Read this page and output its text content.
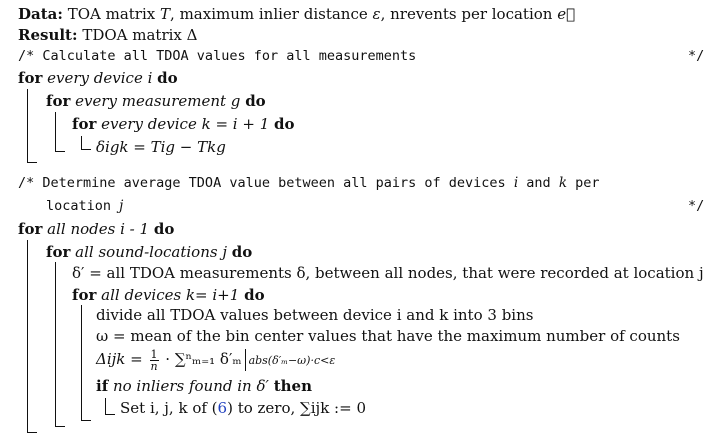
Data: TOA matrix T, maximum inlier distance ε, nrevents per location e⃗
Result: TDOA matrix Δ
/* Calculate all TDOA values for all measurements	*/
for every device i do
for every measurement g do
for every device k = i + 1 do
δigk = Tig − Tkg
/* Determine average TDOA value between all pairs of devices i and k per
location j	*/
for all nodes i - 1 do
for all sound-locations j do
δ′ = all TDOA measurements δ, between all nodes, that were recorded at location j
for all devices k= i+1 do
divide all TDOA values between device i and k into 3 bins
ω = mean of the bin center values that have the maximum number of counts
$\Delta ijk = \frac{1}{n} \cdot \sum^n_{m=1}$ δ′ₘ abs(δ′ₘ−ω)·c<ε
if no inliers found in δ′ then
Set i, j, k of (6) to zero, ∑ijk := 0
